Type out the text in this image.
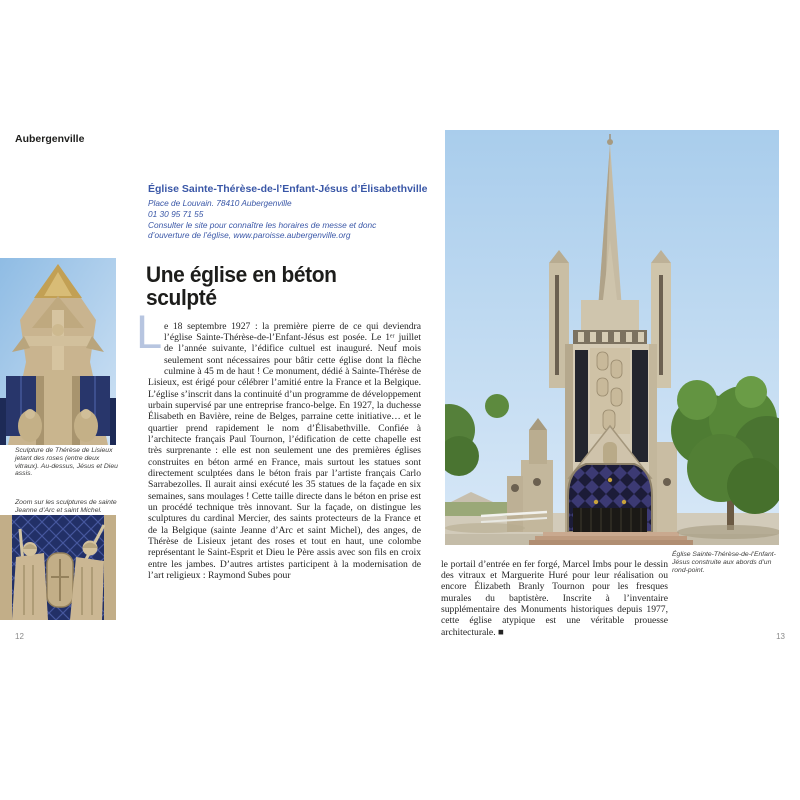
Aubergenville
Église Sainte-Thérèse-de-l’Enfant-Jésus d’Élisabethville
Place de Louvain. 78410 Aubergenville
01 30 95 71 55
Consulter le site pour connaître les horaires de messe et donc
d’ouverture de l’église, www.paroisse.aubergenville.org
Une église en béton sculpté
Sculpture de Thérèse de Lisieux jetant des roses (entre deux vitraux). Au-dessus, Jésus et Dieu assis.
Zoom sur les sculptures de sainte Jeanne d’Arc et saint Michel.
L e 18 septembre 1927 : la première pierre de ce qui deviendra l’église Sainte-Thérèse-de-l’Enfant-Jésus est posée. Le 1ᵉʳ juillet de l’année suivante, l’édifice cultuel est inauguré. Neuf mois seulement sont nécessaires pour bâtir cette église dont la flèche culmine à 45 m de haut ! Ce monument, dédié à Sainte-Thérèse de Lisieux, est érigé pour célébrer l’amitié entre la France et la Belgique. L’église s’inscrit dans la continuité d’un programme de développement urbain supervisé par une entreprise franco-belge. En 1927, la duchesse Élisabeth en Bavière, reine de Belges, parraine cette initiative… et le quartier prend rapidement le nom d’Élisabethville. Confiée à l’architecte français Paul Tournon, l’édification de cette chapelle est très surprenante : elle est non seulement une des premières églises construites en béton armé en France, mais surtout les statues sont directement sculptées dans le béton frais par l’artiste français Carlo Sarrabezolles. Il aurait ainsi exécuté les 35 statues de la façade en six semaines, sans moulages ! Cette taille directe dans le béton en prise est un procédé technique très innovant. Sur la façade, on distingue les sculptures du cardinal Mercier, des saints protecteurs de la France et de la Belgique (sainte Jeanne d’Arc et saint Michel), des anges, de Thérèse de Lisieux jetant des roses et tout en haut, une colombe représentant le Saint-Esprit et Dieu le Père assis avec son fils en croix entre les jambes. D’autres artistes participent à la modernisation de l’art religieux : Raymond Subes pour

12

le portail d’entrée en fer forgé, Marcel Imbs pour le dessin des vitraux et Marguerite Huré pour leur réalisation ou encore Élizabeth Branly Tournon pour les fresques murales du baptistère. Inscrite à l’inventaire supplémentaire des Monuments historiques depuis 1977, cette église atypique est une véritable prouesse architecturale. ■

Église Sainte-Thérèse-de-l’Enfant-Jésus construite aux abords d’un rond-point.
13
